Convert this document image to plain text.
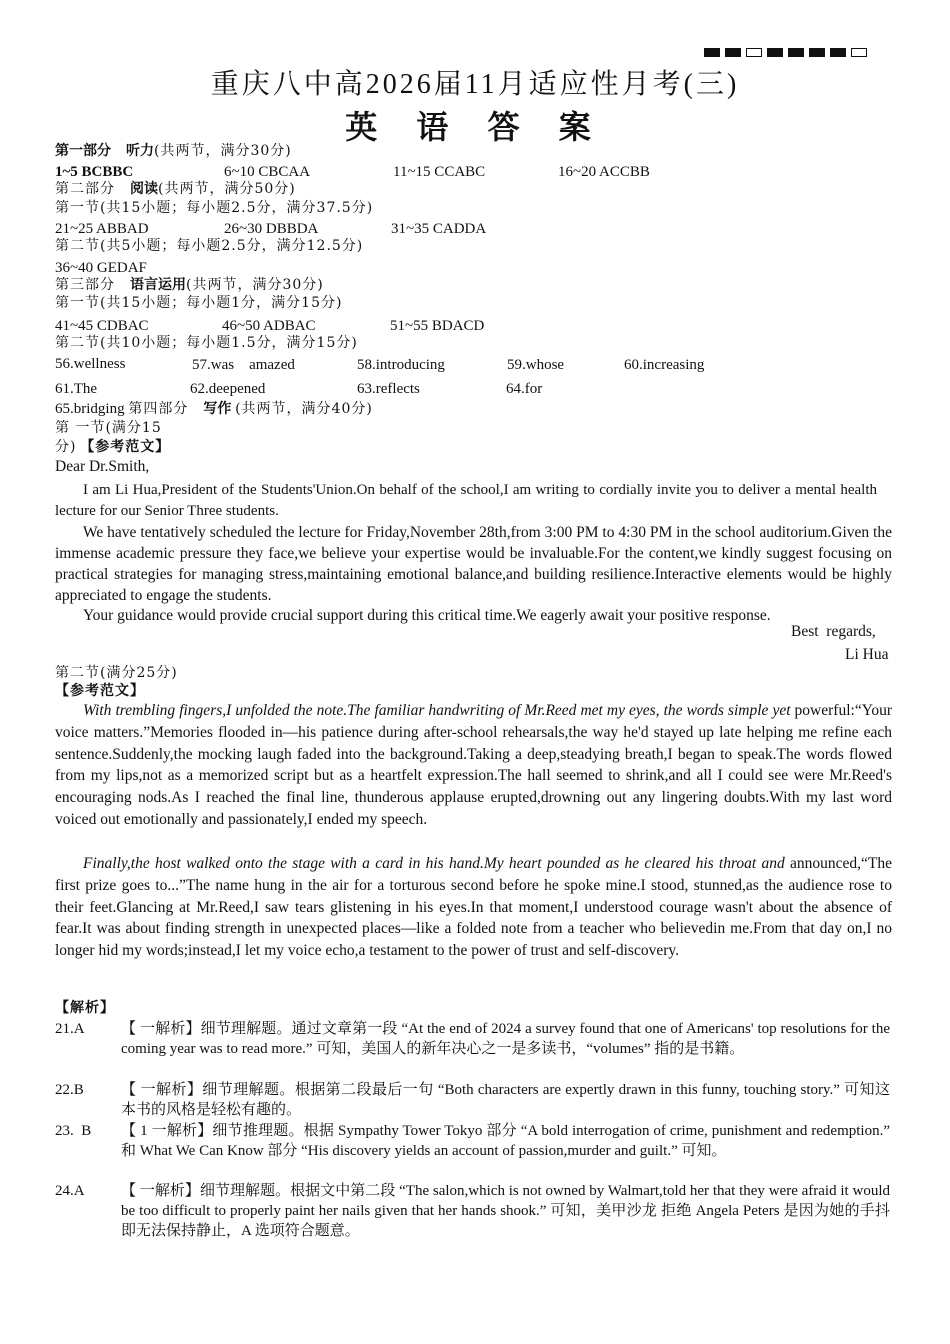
重庆八中高2026届11月适应性月考(三)
英 语 答 案
第一部分 听力(共两节，满分30分)
1~5 BCBBC	6~10 CBCAA	11~15 CCABC	16~20 ACCBB
第二部分 阅读(共两节，满分50分)
第一节(共15小题；每小题2.5分，满分37.5分)
21~25 ABBAD	26~30 DBBDA	31~35 CADDA
第二节(共5小题；每小题2.5分，满分12.5分)
36~40 GEDAF
第三部分 语言运用(共两节，满分30分)
第一节(共15小题；每小题1分，满分15分)
41~45 CDBAC	46~50 ADBAC	51~55 BDACD
第二节(共10小题；每小题1.5分，满分15分)
56.wellness	57.was    amazed	58.introducing	59.whose	60.increasing
61.The	62.deepened	63.reflects	64.for
65.bridging 第四部分 写作 (共两节，满分40分)
第 一节(满分15
分) 【参考范文】
Dear Dr.Smith,
I am Li Hua,President of the Students'Union.On behalf of the school,I am writing to cordially invite you to deliver a mental health lecture for our Senior Three students.
We have tentatively scheduled the lecture for Friday,November 28th,from 3:00 PM to 4:30 PM in the school auditorium.Given the immense academic pressure they face,we believe your expertise would be invaluable.For the content,we kindly suggest focusing on practical strategies for managing stress,maintaining emotional balance,and building resilience.Interactive elements would be highly appreciated to engage the students.
Your guidance would provide crucial support during this critical time.We eagerly await your positive response.
Best  regards,
Li Hua
第二节(满分25分)
【参考范文】
With trembling fingers,I unfolded the note.The familiar handwriting of Mr.Reed met my eyes, the words simple yet powerful:“Your voice matters.”Memories flooded in—his patience during after-school rehearsals,the way he'd stayed up late helping me refine each sentence.Suddenly,the mocking laugh faded into the background.Taking a deep,steadying breath,I began to speak.The words flowed from my lips,not as a memorized script but as a heartfelt expression.The hall seemed to shrink,and all I could see were Mr.Reed's encouraging nods.As I reached the final line, thunderous applause erupted,drowning out any lingering doubts.With my last word voiced out emotionally and passionately,I ended my speech.
Finally,the host walked onto the stage with a card in his hand.My heart pounded as he cleared his throat and announced,“The first prize goes to...”The name hung in the air for a torturous second before he spoke mine.I stood, stunned,as the audience rose to their feet.Glancing at Mr.Reed,I saw tears glistening in his eyes.In that moment,I understood courage wasn't about the absence of fear.It was about finding strength in unexpected places—like a folded note from a teacher who believedin me.From that day on,I no longer hid my words;instead,I let my voice echo,a testament to the power of trust and self-discovery.
【解析】
21.A 【 一解析】细节理解题。通过文章第一段 “At the end of 2024 a survey found that one of Americans' top resolutions for the coming year was to read more.” 可知，美国人的新年决心之一是多读书，“volumes” 指的是书籍。
22.B 【 一解析】细节理解题。根据第二段最后一句 “Both characters are expertly drawn in this funny, touching story.” 可知这本书的风格是轻松有趣的。
23.  B 【 1 一解析】细节推理题。根据 Sympathy Tower Tokyo 部分 “A bold interrogation of crime, punishment and redemption.” 和 What We Can Know 部分 “His discovery yields an account of passion,murder and guilt.” 可知。
24.A 【 一解析】细节理解题。根据文中第二段 “The salon,which is not owned by Walmart,told her that they were afraid it would be too difficult to properly paint her nails given that her hands shook.” 可知，美甲沙龙 拒绝 Angela Peters 是因为她的手抖即无法保持静止，A 选项符合题意。
